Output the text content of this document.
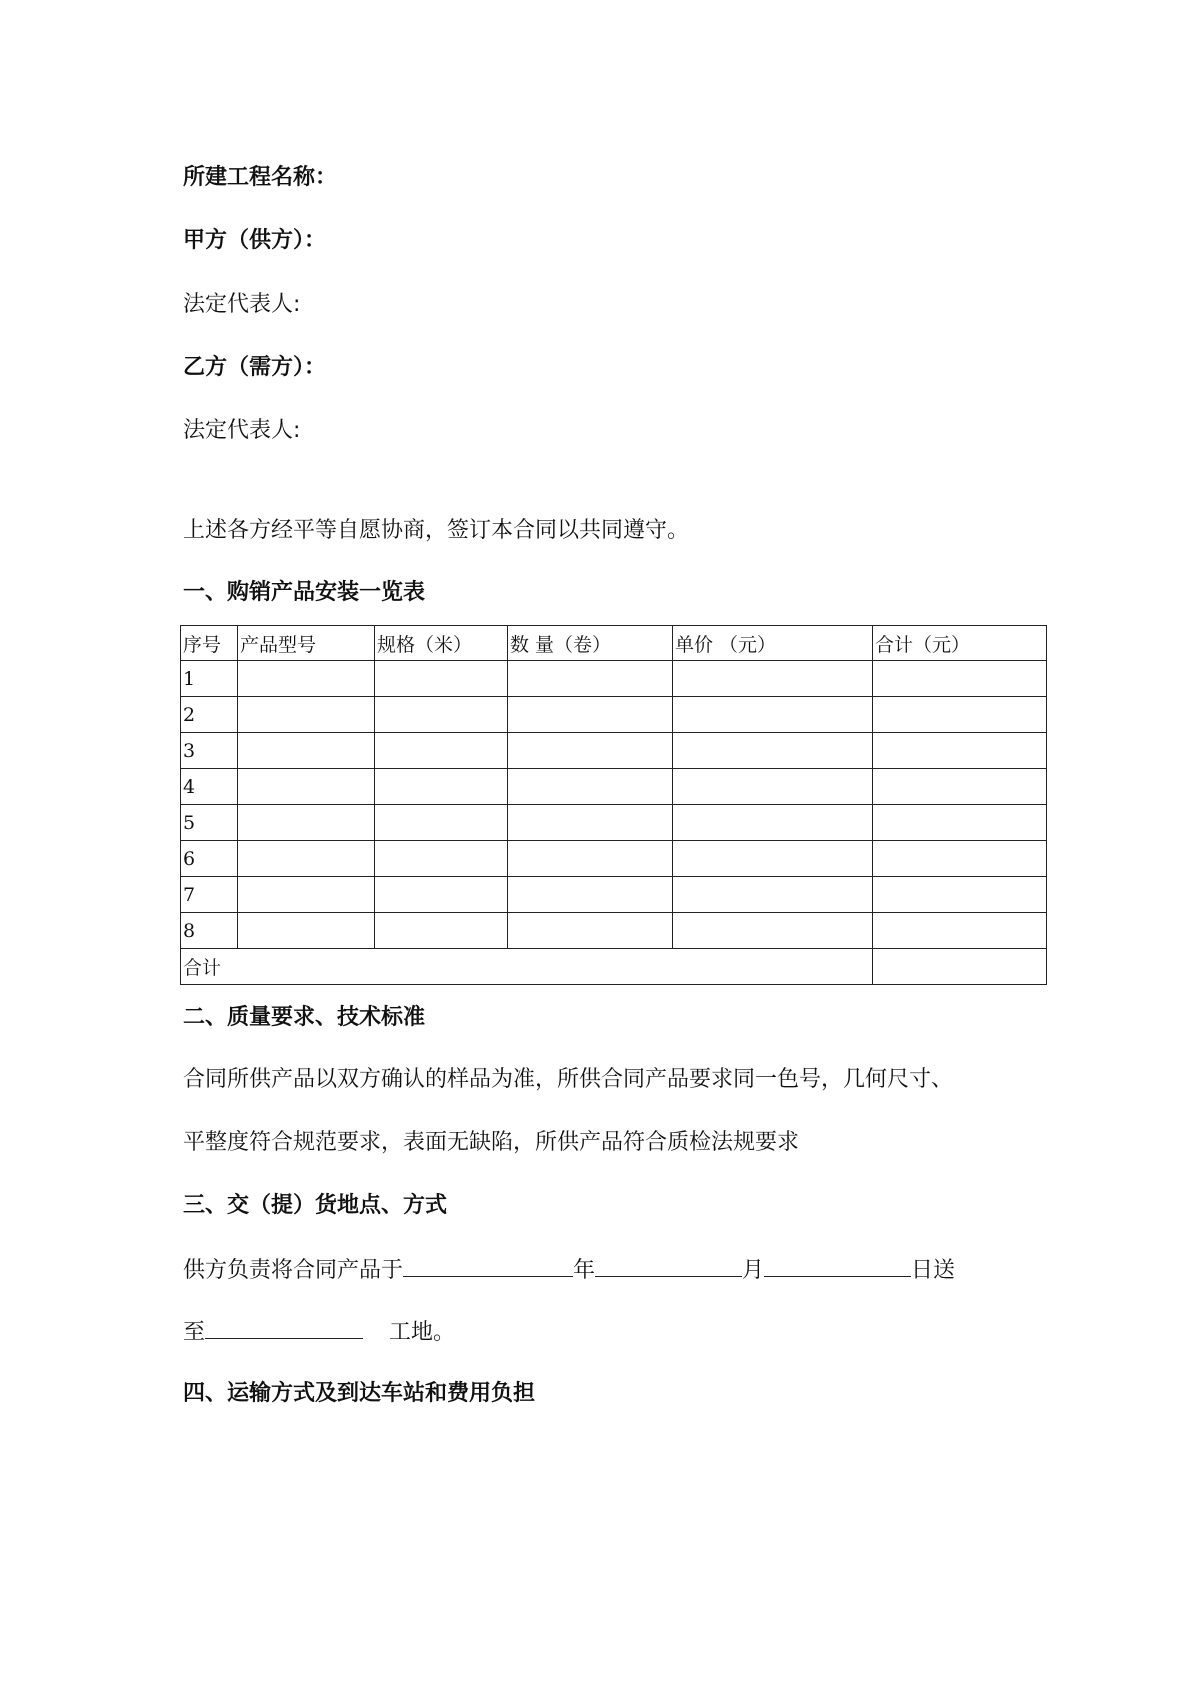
所建工程名称：
甲方（供方）：
法定代表人:
乙方（需方）：
法定代表人:
上述各方经平等自愿协商，签订本合同以共同遵守。
一、购销产品安装一览表
序号	产品型号	规格（米）	数 量（卷）	单价 （元）	合计（元）
1					
2					
3					
4					
5					
6					
7					
8					
合计					
二、质量要求、技术标准
合同所供产品以双方确认的样品为准，所供合同产品要求同一色号，几何尺寸、
平整度符合规范要求，表面无缺陷，所供产品符合质检法规要求
三、交（提）货地点、方式
供方负责将合同产品于	年	月	日送
至	工地。
四、运输方式及到达车站和费用负担
